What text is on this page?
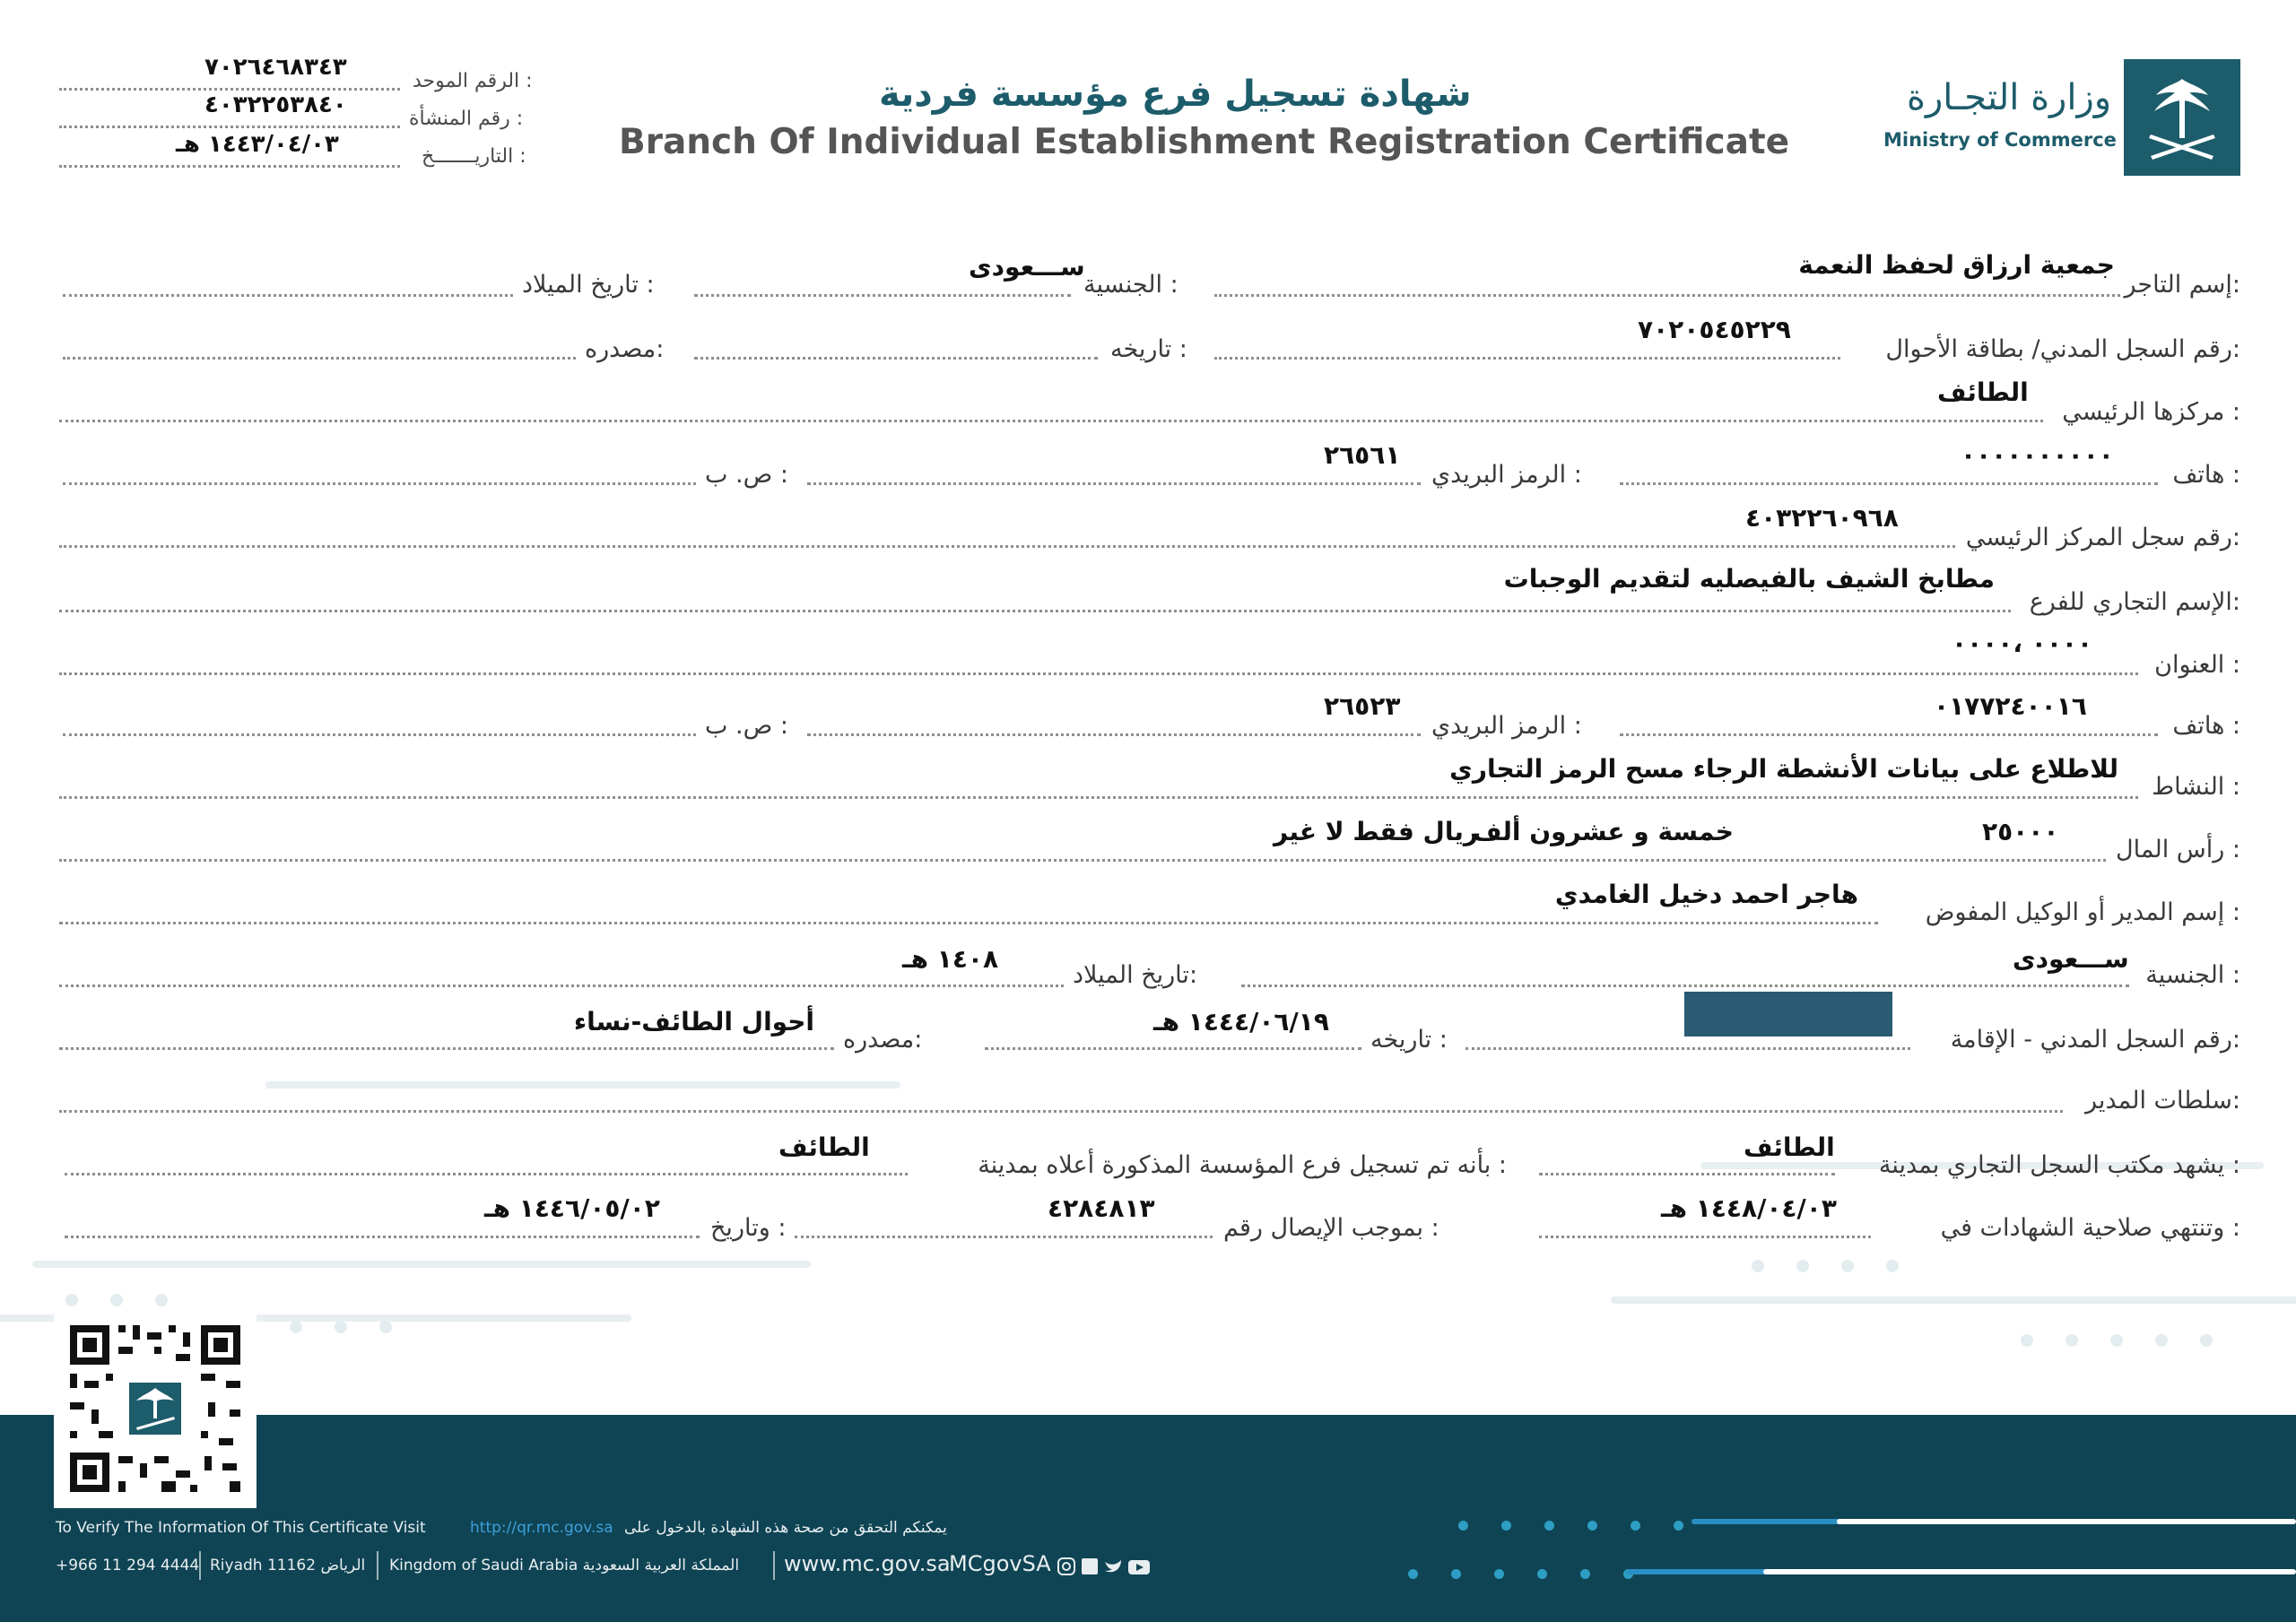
وزارة التجـارة
Ministry of Commerce
شهادة تسجيل فرع مؤسسة فردية
Branch Of Individual Establishment Registration Certificate
الرقم الموحد :
٧٠٢٦٤٦٨٣٤٣
رقم المنشأة :
٤٠٣٢٢٥٣٨٤٠
التاريـــــــخ :
١٤٤٣/٠٤/٠٣ هـ
إسم التاجر:
جمعية ارزاق لحفظ النعمة
الجنسية :
ســـعودى
تاريخ الميلاد :
رقم السجل المدني/ بطاقة الأحوال:
٧٠٢٠٥٤٥٢٢٩
تاريخه :
مصدره:
مركزها الرئيسي :
الطائف
هاتف :
٠٠٠٠٠٠٠٠٠٠
الرمز البريدي :
٢٦٥٦١
ص. ب :
رقم سجل المركز الرئيسي:
٤٠٣٢٢٦٠٩٦٨
الإسم التجاري للفرع:
مطابخ الشيف بالفيصليه لتقديم الوجبات
العنوان :
٠٠٠٠ ،٠٠٠٠
هاتف :
٠١٧٧٢٤٠٠١٦
الرمز البريدي :
٢٦٥٢٣
ص. ب :
النشاط :
للاطلاع على بيانات الأنشطة الرجاء مسح الرمز التجاري
رأس المال :
٢٥٠٠٠
خمسة و عشرون ألف
ريال فقط لا غير
إسم المدير أو الوكيل المفوض :
هاجر احمد دخيل الغامدي
الجنسية :
ســـعودى
تاريخ الميلاد:
١٤٠٨ هـ
رقم السجل المدني - الإقامة:
تاريخه :
١٤٤٤/٠٦/١٩ هـ
مصدره:
أحوال الطائف-نساء
سلطات المدير:
يشهد مكتب السجل التجاري بمدينة :
الطائف
بأنه تم تسجيل فرع المؤسسة المذكورة أعلاه بمدينة :
الطائف
وتنتهي صلاحية الشهادات في :
١٤٤٨/٠٤/٠٣ هـ
بموجب الإيصال رقم :
٤٢٨٤٨١٣
وتاريخ :
١٤٤٦/٠٥/٠٢ هـ
To Verify The Information Of This Certificate Visit	http://qr.mc.gov.sa يمكنكم التحقق من صحة هذه الشهادة بالدخول على
+966 11 294 4444 Riyadh 11162 الرياض Kingdom of Saudi Arabia المملكة العربية السعودية www.mc.gov.sa
MCgovSA
